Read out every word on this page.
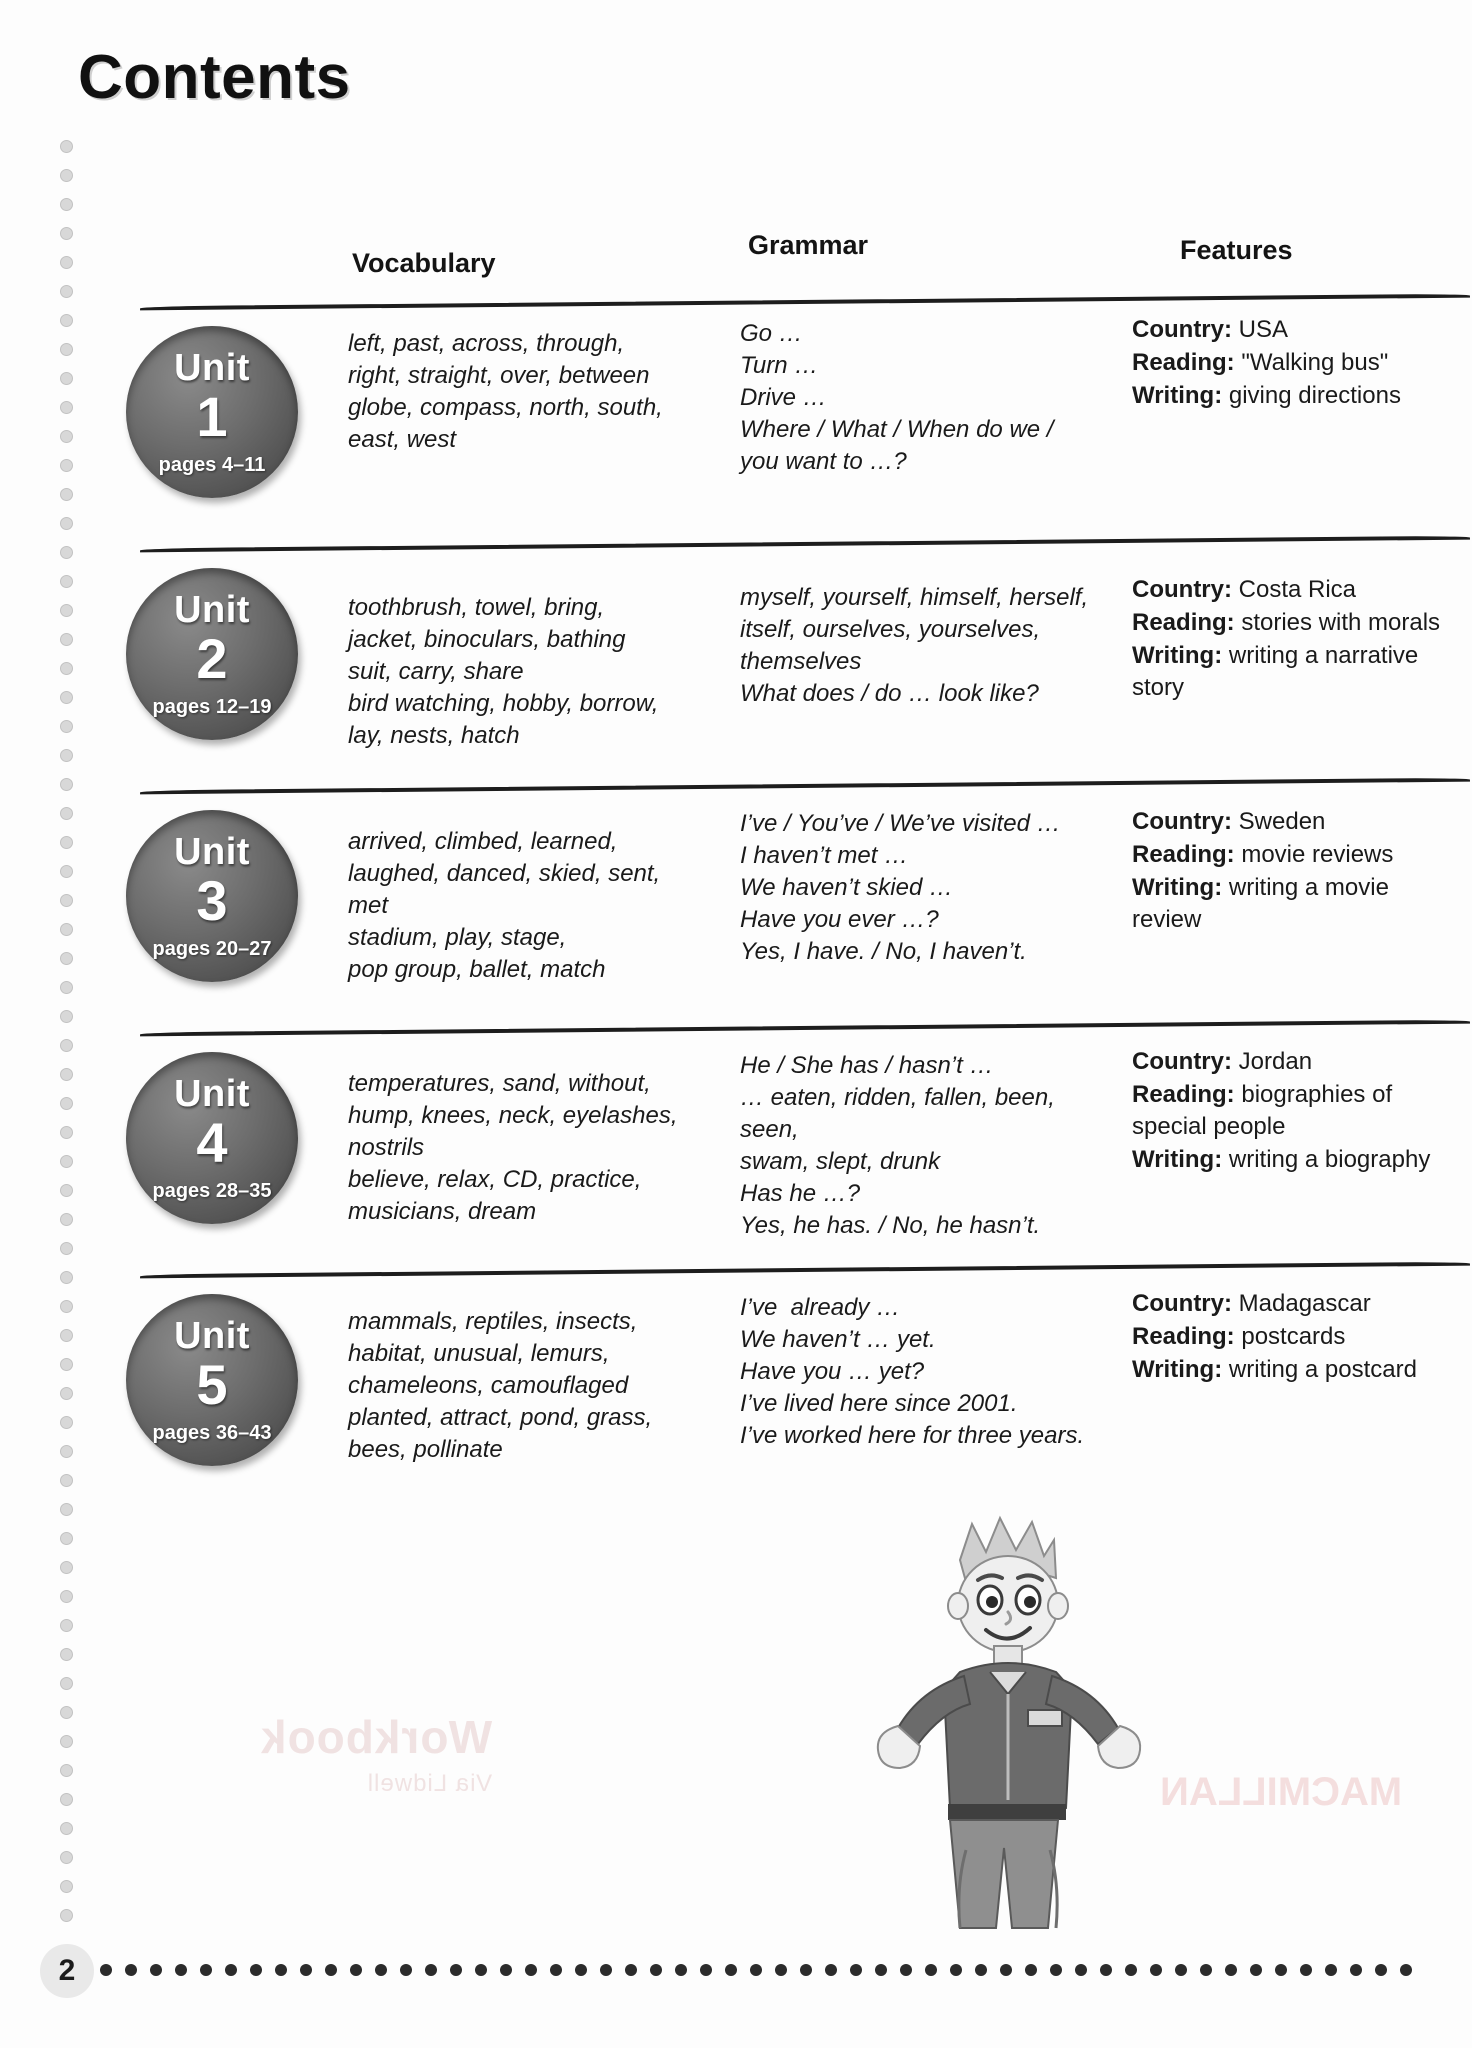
Contents
Vocabulary
Grammar	Features
Unit
1
pages 4–11
left, past, across, through,
right, straight, over, between
globe, compass, north, south,
east, west
Go …
Turn …
Drive …
Where / What / When do we /
you want to …?
Country: USA
Reading: "Walking bus"
Writing: giving directions
Unit
2
pages 12–19
toothbrush, towel, bring,
jacket, binoculars, bathing
suit, carry, share
bird watching, hobby, borrow,
lay, nests, hatch
myself, yourself, himself, herself,
itself, ourselves, yourselves,
themselves
What does / do … look like?
Country: Costa Rica
Reading: stories with morals
Writing: writing a narrative story
Unit
3
pages 20–27
arrived, climbed, learned,
laughed, danced, skied, sent,
met
stadium, play, stage,
pop group, ballet, match
I’ve / You’ve / We’ve visited …
I haven’t met …
We haven’t skied …
Have you ever …?
Yes, I have. / No, I haven’t.
Country: Sweden
Reading: movie reviews
Writing: writing a movie review
Unit
4
pages 28–35
temperatures, sand, without,
hump, knees, neck, eyelashes,
nostrils
believe, relax, CD, practice,
musicians, dream
He / She has / hasn’t …
… eaten, ridden, fallen, been, seen,
swam, slept, drunk
Has he …?
Yes, he has. / No, he hasn’t.
Country: Jordan
Reading: biographies of special people
Writing: writing a biography
Unit
5
pages 36–43
mammals, reptiles, insects,
habitat, unusual, lemurs,
chameleons, camouflaged
planted, attract, pond, grass,
bees, pollinate
I’ve  already …
We haven’t … yet.
Have you … yet?
I’ve lived here since 2001.
I’ve worked here for three years.
Country: Madagascar
Reading: postcards
Writing: writing a postcard
Workbook
Via Lidwell	MACMILLAN
2
